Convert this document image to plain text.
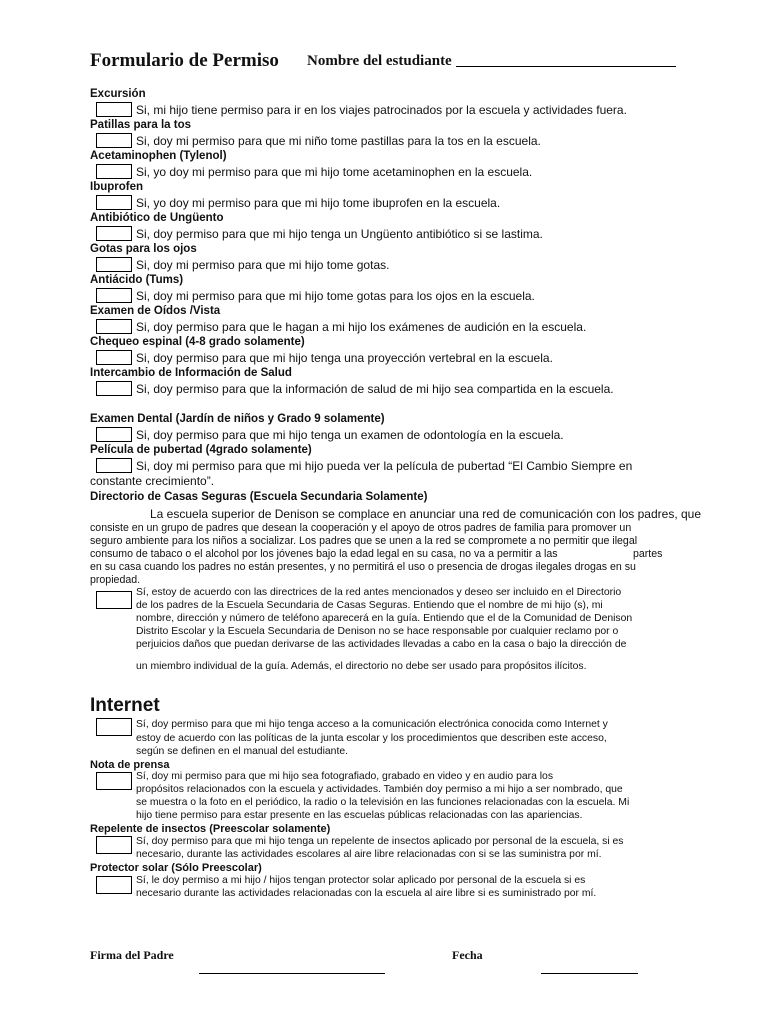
Formulario de Permiso Nombre del estudiante
Excursión
Si, mi hijo tiene permiso para ir en los viajes patrocinados por la escuela y actividades fuera.
Patillas para la tos
Si, doy mi permiso para que mi niño tome pastillas para la tos en la escuela.
Acetaminophen (Tylenol)
Si, yo doy mi permiso para que mi hijo tome acetaminophen en la escuela.
Ibuprofen
Si, yo doy mi permiso para que mi hijo tome ibuprofen en la escuela.
Antibiótico de Ungüento
Si, doy permiso para que mi hijo tenga un Ungüento antibiótico si se lastima.
Gotas para los ojos
Si, doy mi permiso para que mi hijo tome gotas.
Antiácido (Tums)
Si, doy mi permiso para que mi hijo tome gotas para los ojos en la escuela.
Examen de Oídos /Vista
Si, doy permiso para que le hagan a mi hijo los exámenes de audición en la escuela.
Chequeo espinal (4-8 grado solamente)
Si, doy permiso para que mi hijo tenga una proyección vertebral en la escuela.
Intercambio de Información de Salud
Si, doy permiso para que la información de salud de mi hijo sea compartida en la escuela.
Examen Dental (Jardín de niños y Grado 9 solamente)
Si, doy permiso para que mi hijo tenga un examen de odontología en la escuela.
Película de pubertad (4grado solamente)
Si, doy mi permiso para que mi hijo pueda ver la película de pubertad “El Cambio Siempre en
constante crecimiento”.
Directorio de Casas Seguras (Escuela Secundaria Solamente)
La escuela superior de Denison se complace en anunciar una red de comunicación con los padres, que
consiste en un grupo de padres que desean la cooperación y el apoyo de otros padres de familia para promover un
seguro ambiente para los niños a socializar. Los padres que se unen a la red se compromete a no permitir que ilegal
consumo de tabaco o el alcohol por los jóvenes bajo la edad legal en su casa, no va a permitir a las	partes
en su casa cuando los padres no están presentes, y no permitirá el uso o presencia de drogas ilegales drogas en su
propiedad.
Sí, estoy de acuerdo con las directrices de la red antes mencionados y deseo ser incluido en el Directorio
de los padres de la Escuela Secundaria de Casas Seguras. Entiendo que el nombre de mi hijo (s), mi
nombre, dirección y número de teléfono aparecerá en la guía. Entiendo que el de la Comunidad de Denison
Distrito Escolar y la Escuela Secundaria de Denison no se hace responsable por cualquier reclamo por o
perjuicios daños que puedan derivarse de las actividades llevadas a cabo en la casa o bajo la dirección de
un miembro individual de la guía. Además, el directorio no debe ser usado para propósitos ilícitos.
Internet
Sí, doy permiso para que mi hijo tenga acceso a la comunicación electrónica conocida como Internet y
estoy de acuerdo con las políticas de la junta escolar y los procedimientos que describen este acceso,
según se definen en el manual del estudiante.
Nota de prensa
Sí, doy mi permiso para que mi hijo sea fotografiado, grabado en video y en audio para los
propósitos relacionados con la escuela y actividades. También doy permiso a mi hijo a ser nombrado, que
se muestra o la foto en el periódico, la radio o la televisión en las funciones relacionadas con la escuela. Mi
hijo tiene permiso para estar presente en las escuelas públicas relacionadas con las apariencias.
Repelente de insectos (Preescolar solamente)
Sí, doy permiso para que mi hijo tenga un repelente de insectos aplicado por personal de la escuela, si es
necesario, durante las actividades escolares al aire libre relacionadas con si se las suministra por mí.
Protector solar (Sólo Preescolar)
Sí, le doy permiso a mi hijo / hijos tengan protector solar aplicado por personal de la escuela si es
necesario durante las actividades relacionadas con la escuela al aire libre si es suministrado por mí.
Firma del Padre	Fecha
